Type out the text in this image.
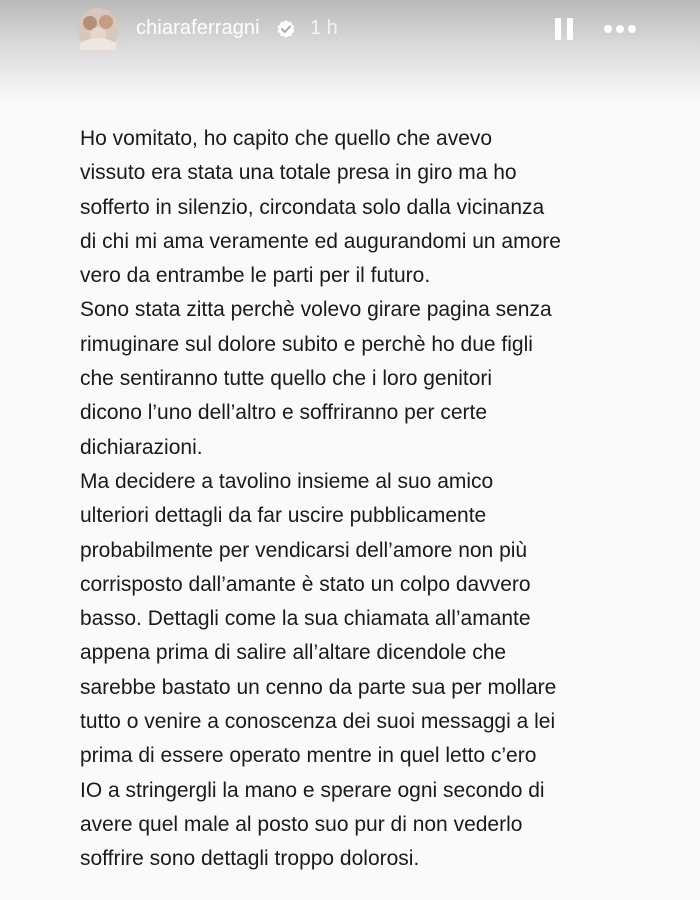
chiaraferragni	1 h
Ho vomitato, ho capito che quello che avevo
vissuto era stata una totale presa in giro ma ho
sofferto in silenzio, circondata solo dalla vicinanza
di chi mi ama veramente ed augurandomi un amore
vero da entrambe le parti per il futuro.
Sono stata zitta perchè volevo girare pagina senza
rimuginare sul dolore subito e perchè ho due figli
che sentiranno tutte quello che i loro genitori
dicono l’uno dell’altro e soffriranno per certe
dichiarazioni.
Ma decidere a tavolino insieme al suo amico
ulteriori dettagli da far uscire pubblicamente
probabilmente per vendicarsi dell’amore non più
corrisposto dall’amante è stato un colpo davvero
basso. Dettagli come la sua chiamata all’amante
appena prima di salire all’altare dicendole che
sarebbe bastato un cenno da parte sua per mollare
tutto o venire a conoscenza dei suoi messaggi a lei
prima di essere operato mentre in quel letto c’ero
IO a stringergli la mano e sperare ogni secondo di
avere quel male al posto suo pur di non vederlo
soffrire sono dettagli troppo dolorosi.
